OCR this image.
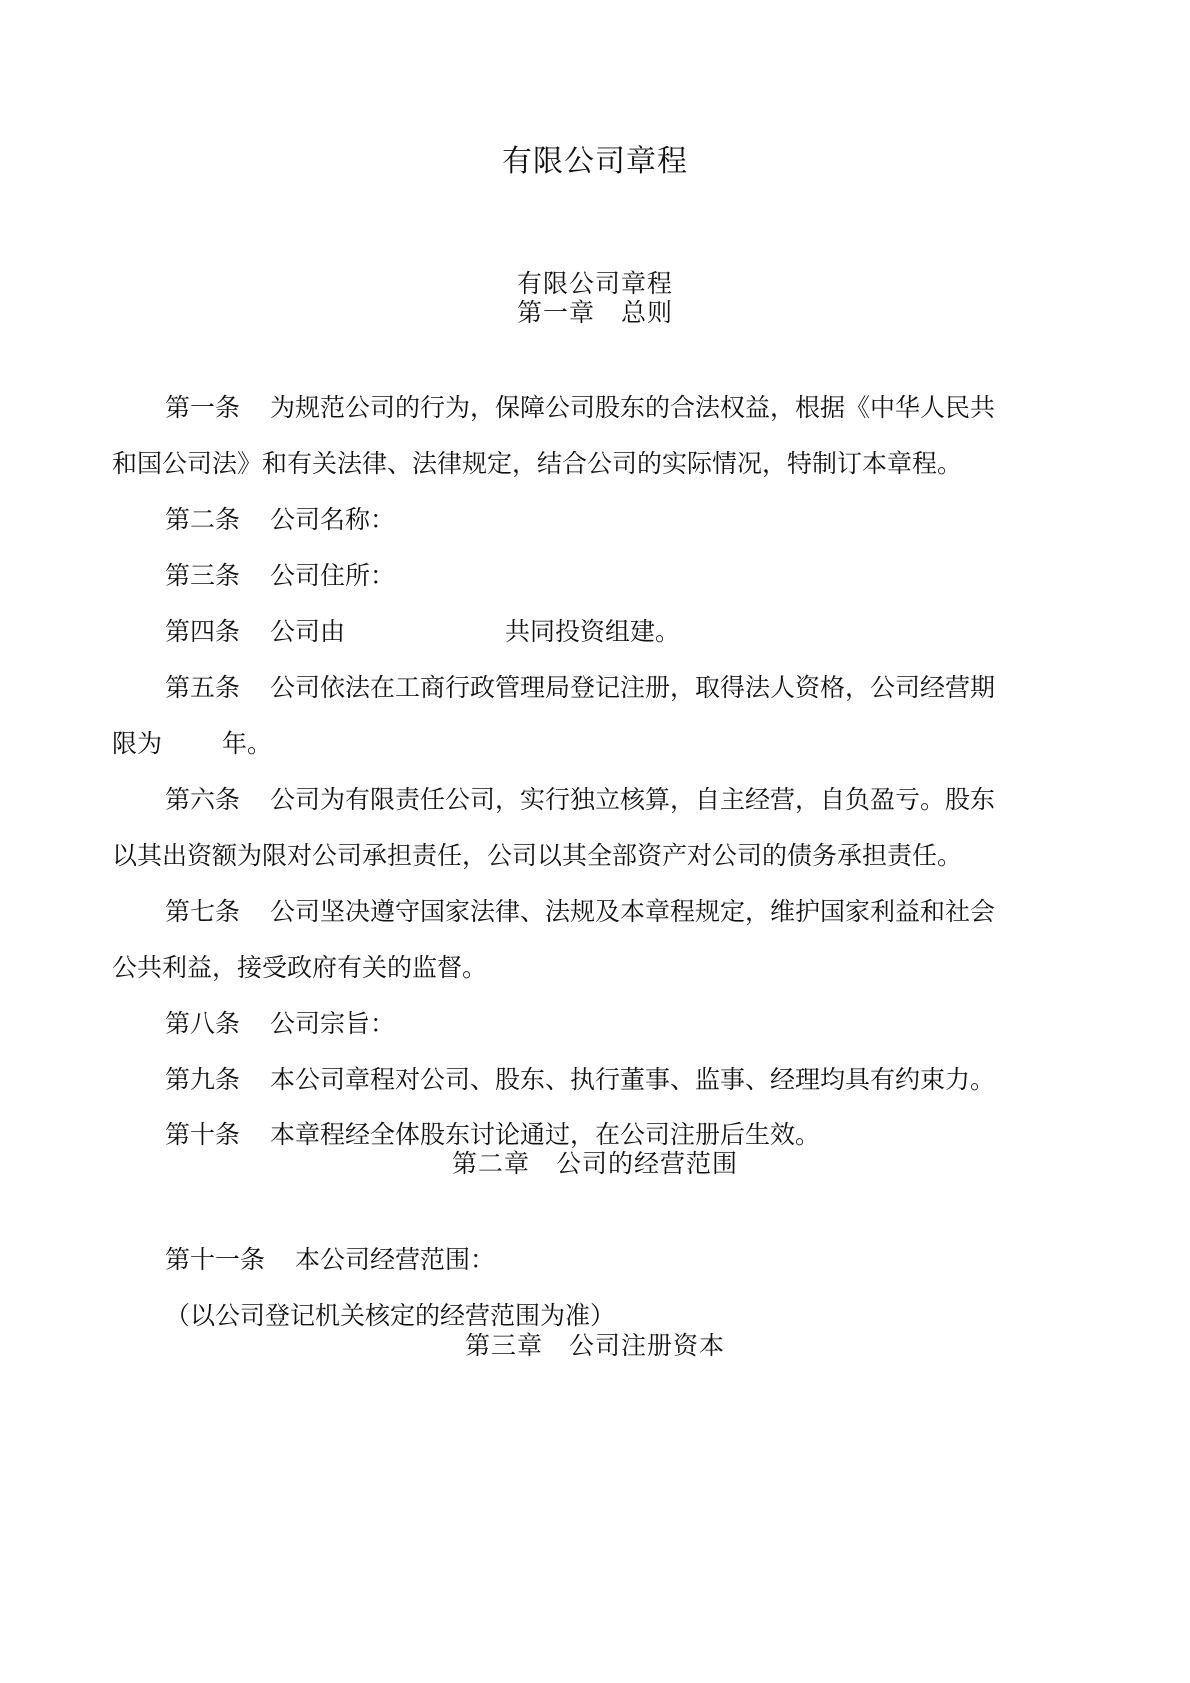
有限公司章程
有限公司章程
第一章　总则
第一条 为规范公司的行为，保障公司股东的合法权益，根据《中华人民共
和国公司法》和有关法律、法律规定，结合公司的实际情况，特制订本章程。
第二条 公司名称：
第三条 公司住所：
第四条 公司由	共同投资组建。
第五条 公司依法在工商行政管理局登记注册，取得法人资格，公司经营期
限为 年。
第六条 公司为有限责任公司，实行独立核算，自主经营，自负盈亏。股东
以其出资额为限对公司承担责任，公司以其全部资产对公司的债务承担责任。
第七条 公司坚决遵守国家法律、法规及本章程规定，维护国家利益和社会
公共利益，接受政府有关的监督。
第八条 公司宗旨：
第九条 本公司章程对公司、股东、执行董事、监事、经理均具有约束力。
第十条 本章程经全体股东讨论通过，在公司注册后生效。
第二章　公司的经营范围
第十一条 本公司经营范围：
（以公司登记机关核定的经营范围为准）
第三章　公司注册资本
